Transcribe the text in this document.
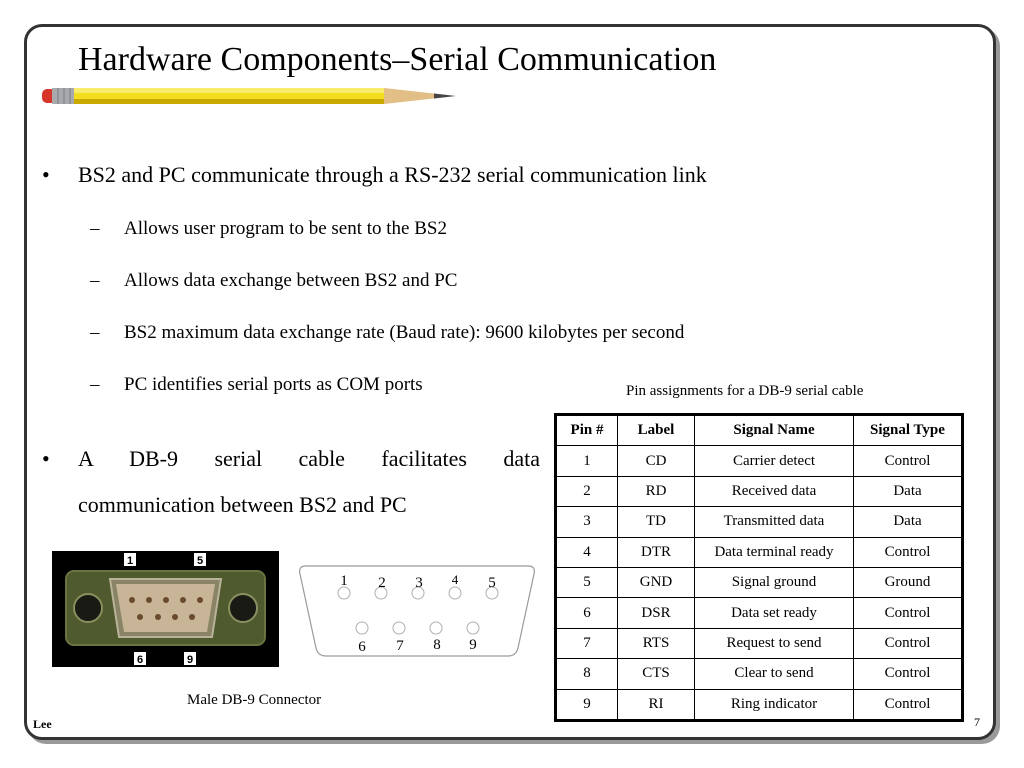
Hardware Components–Serial Communication
• BS2 and PC communicate through a RS-232 serial communication link
– Allows user program to be sent to the BS2
– Allows data exchange between BS2 and PC
– BS2 maximum data exchange rate (Baud rate): 9600 kilobytes per second
– PC identifies serial ports as COM ports
• A DB-9 serial cable facilitates data
communication between BS2 and PC
Pin assignments for a DB-9 serial cable
Pin #	Label	Signal Name	Signal Type
1	CD	Carrier detect	Control
2	RD	Received data	Data
3	TD	Transmitted data	Data
4	DTR	Data terminal ready	Control
5	GND	Signal ground	Ground
6	DSR	Data set ready	Control
7	RTS	Request to send	Control
8	CTS	Clear to send	Control
9	RI	Ring indicator	Control
1	5
6	9
1 2 3 4 5
6 7 8 9
Male DB-9 Connector
Lee	7
